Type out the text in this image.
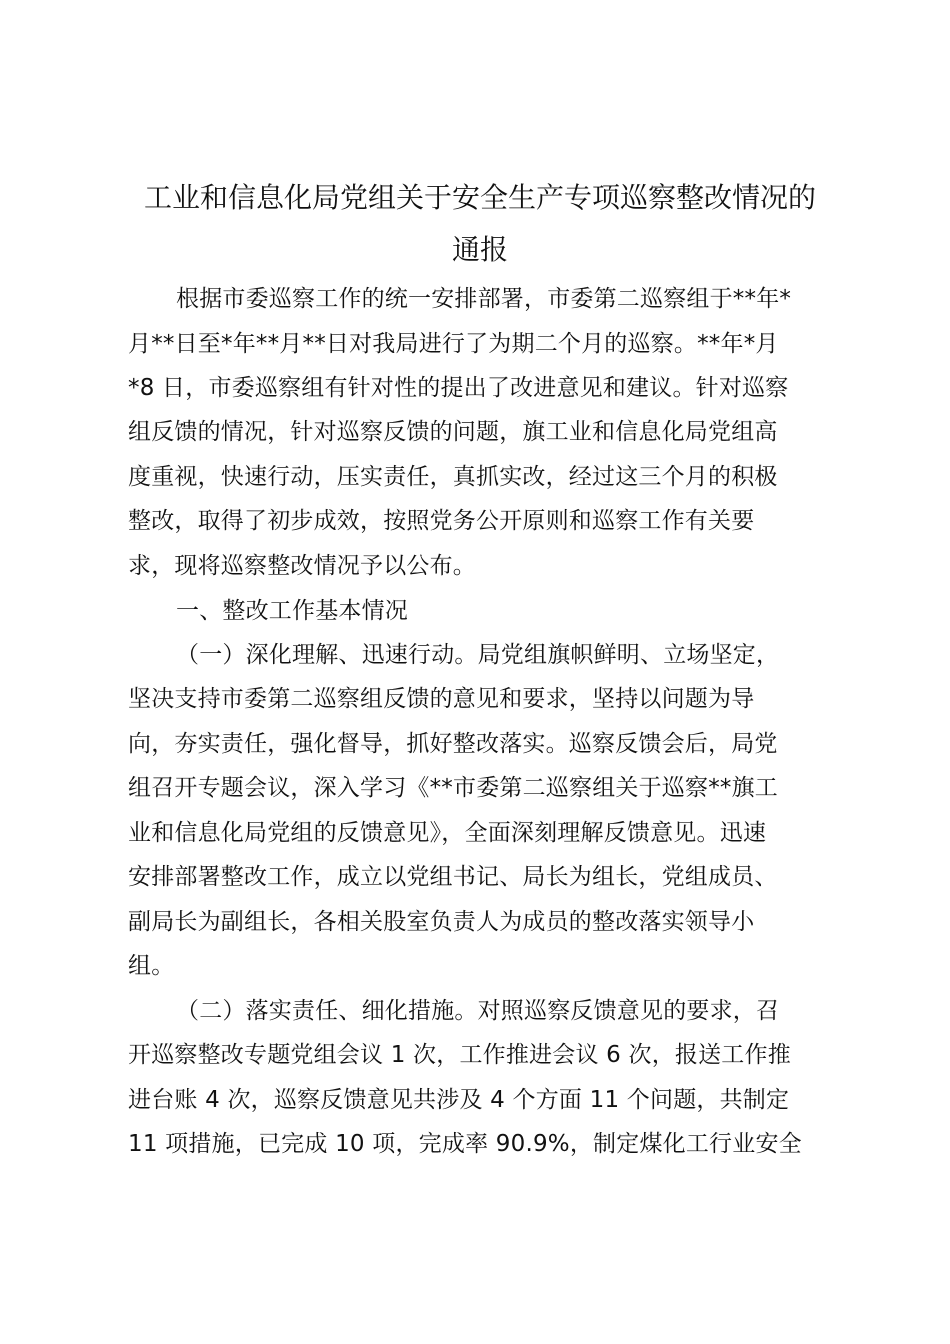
工业和信息化局党组关于安全生产专项巡察整改情况的
通报
根据市委巡察工作的统一安排部署，市委第二巡察组于**年*
月**日至*年**月**日对我局进行了为期二个月的巡察。**年*月
*8 日，市委巡察组有针对性的提出了改进意见和建议。针对巡察
组反馈的情况，针对巡察反馈的问题，旗工业和信息化局党组高
度重视，快速行动，压实责任，真抓实改，经过这三个月的积极
整改，取得了初步成效，按照党务公开原则和巡察工作有关要
求，现将巡察整改情况予以公布。
一、整改工作基本情况
（一）深化理解、迅速行动。局党组旗帜鲜明、立场坚定，
坚决支持市委第二巡察组反馈的意见和要求，坚持以问题为导
向，夯实责任，强化督导，抓好整改落实。巡察反馈会后，局党
组召开专题会议，深入学习《**市委第二巡察组关于巡察**旗工
业和信息化局党组的反馈意见》，全面深刻理解反馈意见。迅速
安排部署整改工作，成立以党组书记、局长为组长，党组成员、
副局长为副组长，各相关股室负责人为成员的整改落实领导小
组。
（二）落实责任、细化措施。对照巡察反馈意见的要求，召
开巡察整改专题党组会议 1 次，工作推进会议 6 次，报送工作推
进台账 4 次，巡察反馈意见共涉及 4 个方面 11 个问题，共制定
11 项措施，已完成 10 项，完成率 90.9%，制定煤化工行业安全
